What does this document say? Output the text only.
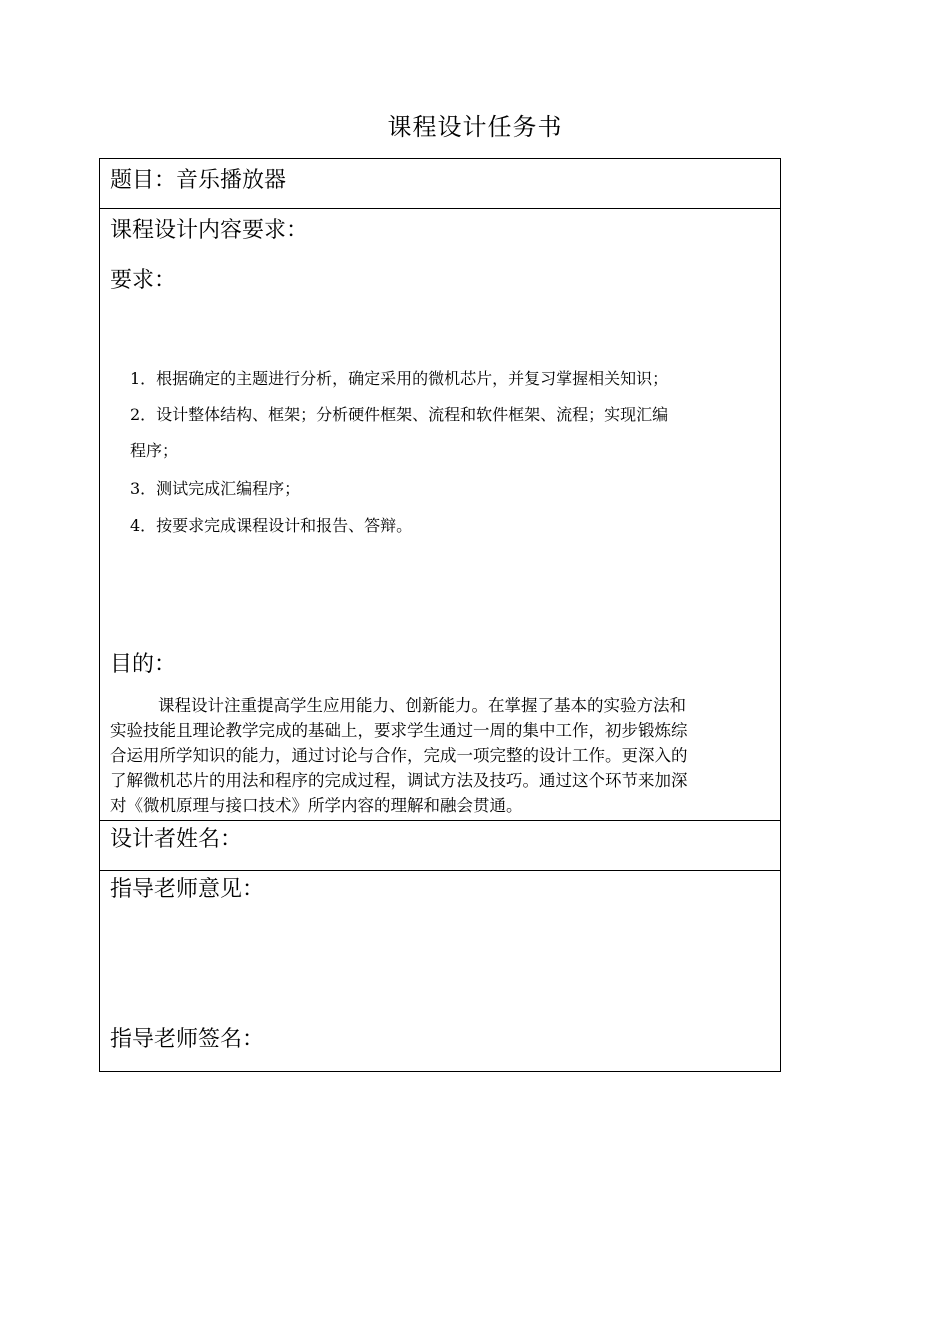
课程设计任务书
题目：音乐播放器
课程设计内容要求：
要求：
1．根据确定的主题进行分析，确定采用的微机芯片，并复习掌握相关知识；
2．设计整体结构、框架；分析硬件框架、流程和软件框架、流程；实现汇编
程序；
3．测试完成汇编程序；
4．按要求完成课程设计和报告、答辩。
目的：
课程设计注重提高学生应用能力、创新能力。在掌握了基本的实验方法和
实验技能且理论教学完成的基础上，要求学生通过一周的集中工作，初步锻炼综
合运用所学知识的能力，通过讨论与合作，完成一项完整的设计工作。更深入的
了解微机芯片的用法和程序的完成过程，调试方法及技巧。通过这个环节来加深
对《微机原理与接口技术》所学内容的理解和融会贯通。
设计者姓名：
指导老师意见：
指导老师签名：
